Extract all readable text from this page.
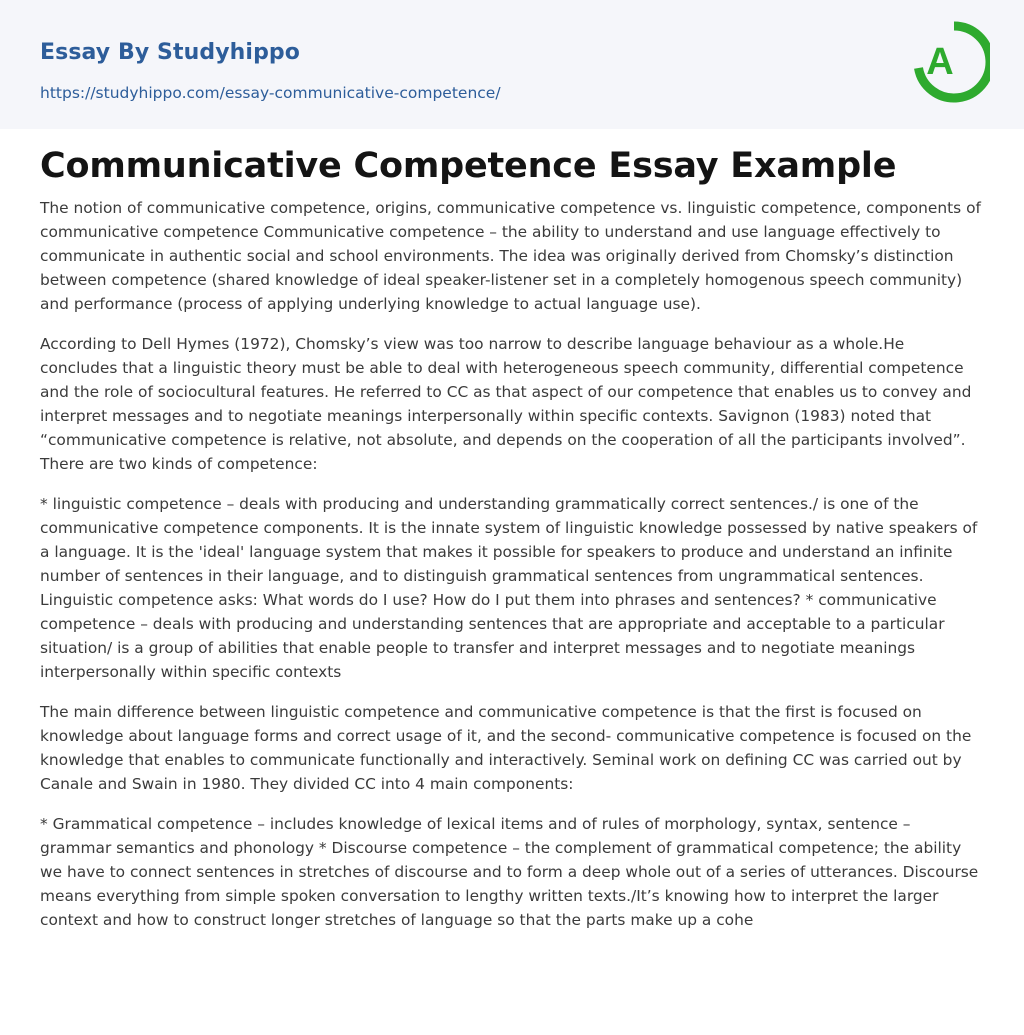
Essay By Studyhippo
https://studyhippo.com/essay-communicative-competence/
A
Communicative Competence Essay Example

The notion of communicative competence, origins, communicative competence vs. linguistic competence, components of communicative competence Communicative competence – the ability to understand and use language effectively to communicate in authentic social and school environments. The idea was originally derived from Chomsky’s distinction between competence (shared knowledge of ideal speaker-listener set in a completely homogenous speech community) and performance (process of applying underlying knowledge to actual language use).

According to Dell Hymes (1972), Chomsky’s view was too narrow to describe language behaviour as a whole.He concludes that a linguistic theory must be able to deal with heterogeneous speech community, differential competence and the role of sociocultural features. He referred to CC as that aspect of our competence that enables us to convey and interpret messages and to negotiate meanings interpersonally within specific contexts. Savignon (1983) noted that “communicative competence is relative, not absolute, and depends on the cooperation of all the participants involved”. There are two kinds of competence:

* linguistic competence – deals with producing and understanding grammatically correct sentences./ is one of the communicative competence components. It is the innate system of linguistic knowledge possessed by native speakers of a language. It is the 'ideal' language system that makes it possible for speakers to produce and understand an infinite number of sentences in their language, and to distinguish grammatical sentences from ungrammatical sentences. Linguistic competence asks: What words do I use? How do I put them into phrases and sentences? * communicative competence – deals with producing and understanding sentences that are appropriate and acceptable to a particular situation/ is a group of abilities that enable people to transfer and interpret messages and to negotiate meanings interpersonally within specific contexts

The main difference between linguistic competence and communicative competence is that the first is focused on knowledge about language forms and correct usage of it, and the second- communicative competence is focused on the knowledge that enables to communicate functionally and interactively. Seminal work on defining CC was carried out by Canale and Swain in 1980. They divided CC into 4 main components:

* Grammatical competence – includes knowledge of lexical items and of rules of morphology, syntax, sentence – grammar semantics and phonology * Discourse competence – the complement of grammatical competence; the ability we have to connect sentences in stretches of discourse and to form a deep whole out of a series of utterances. Discourse means everything from simple spoken conversation to lengthy written texts./It’s knowing how to interpret the larger context and how to construct longer stretches of language so that the parts make up a cohe
